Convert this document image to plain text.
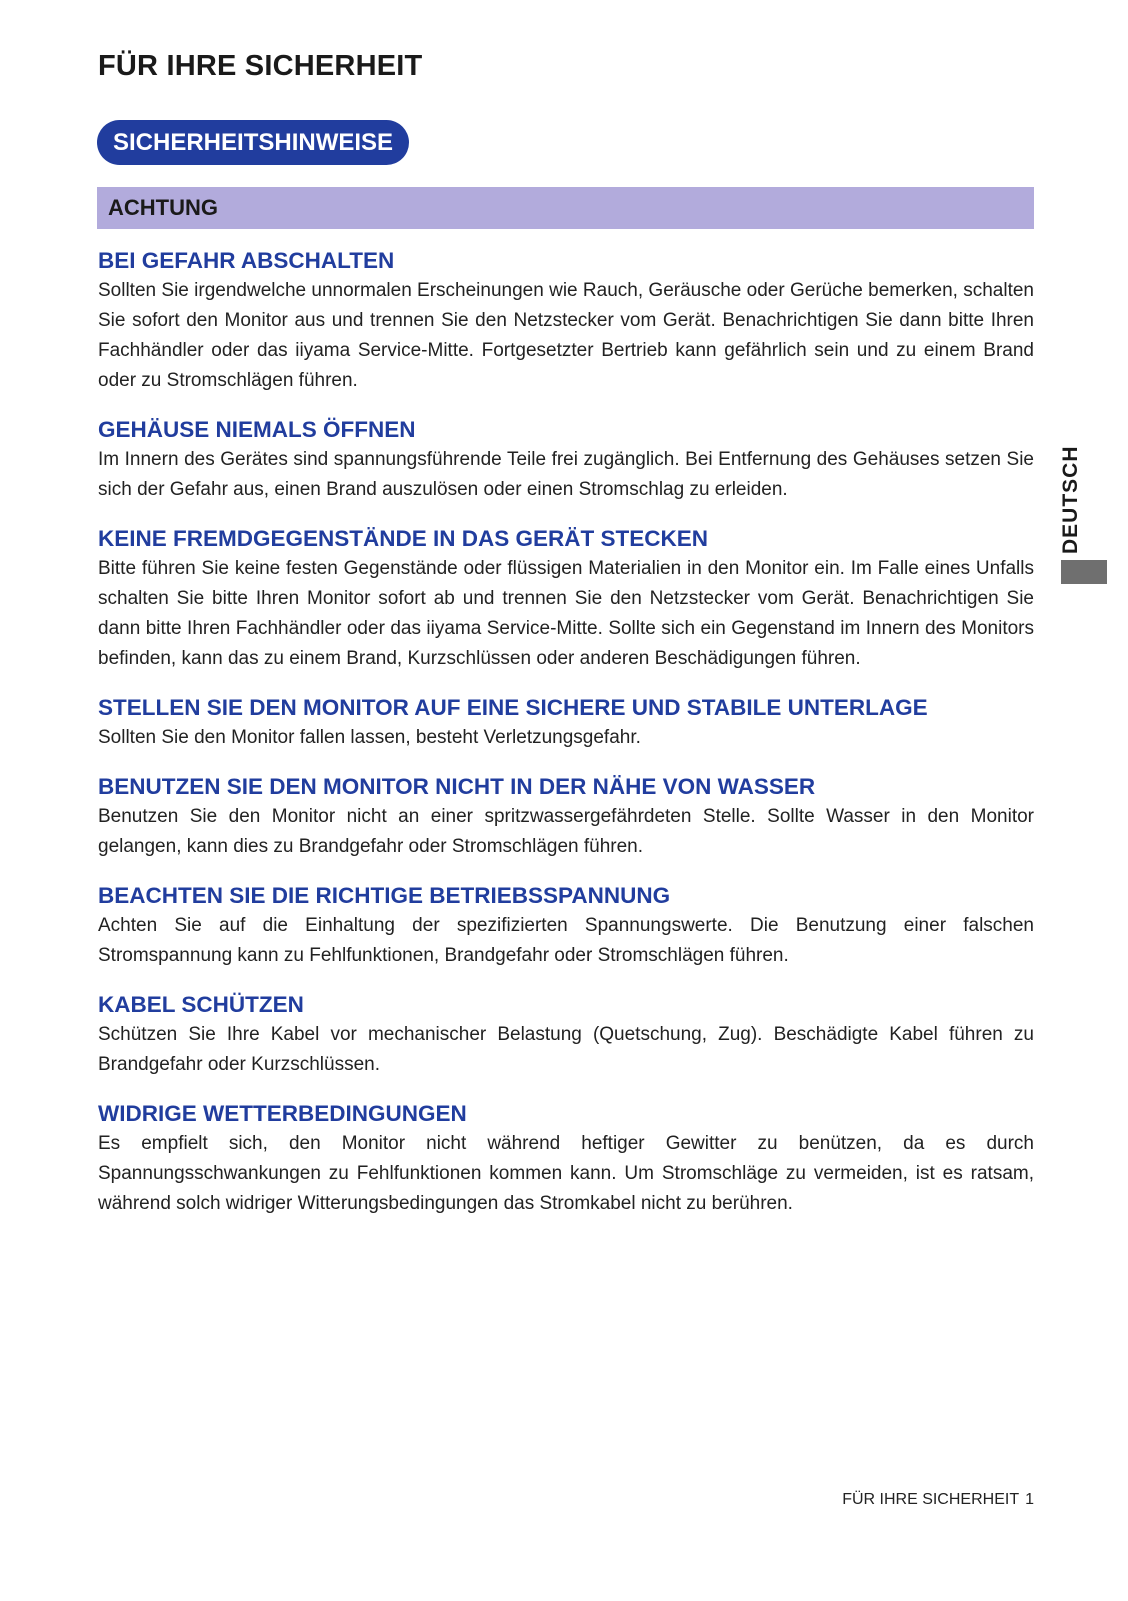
FÜR IHRE SICHERHEIT
SICHERHEITSHINWEISE
ACHTUNG
BEI GEFAHR ABSCHALTEN

Sollten Sie irgendwelche unnormalen Erscheinungen wie Rauch, Geräusche oder Gerüche bemerken, schalten Sie sofort den Monitor aus und trennen Sie den Netzstecker vom Gerät. Benachrichtigen Sie dann bitte Ihren Fachhändler oder das iiyama Service-Mitte. Fortgesetzter Bertrieb kann gefährlich sein und zu einem Brand oder zu Stromschlägen führen.

GEHÄUSE NIEMALS ÖFFNEN

Im Innern des Gerätes sind spannungsführende Teile frei zugänglich. Bei Entfernung des Gehäuses setzen Sie sich der Gefahr aus, einen Brand auszulösen oder einen Stromschlag zu erleiden.

KEINE FREMDGEGENSTÄNDE IN DAS GERÄT STECKEN

Bitte führen Sie keine festen Gegenstände oder flüssigen Materialien in den Monitor ein. Im Falle eines Unfalls schalten Sie bitte Ihren Monitor sofort ab und trennen Sie den Netzstecker vom Gerät. Benachrichtigen Sie dann bitte Ihren Fachhändler oder das iiyama Service-Mitte. Sollte sich ein Gegenstand im Innern des Monitors befinden, kann das zu einem Brand, Kurzschlüssen oder anderen Beschädigungen führen.

STELLEN SIE DEN MONITOR AUF EINE SICHERE UND STABILE UNTERLAGE

Sollten Sie den Monitor fallen lassen, besteht Verletzungsgefahr.

BENUTZEN SIE DEN MONITOR NICHT IN DER NÄHE VON WASSER

Benutzen Sie den Monitor nicht an einer spritzwassergefährdeten Stelle. Sollte Wasser in den Monitor gelangen, kann dies zu Brandgefahr oder Stromschlägen führen.

BEACHTEN SIE DIE RICHTIGE BETRIEBSSPANNUNG

Achten Sie auf die Einhaltung der spezifizierten Spannungswerte. Die Benutzung einer falschen Stromspannung kann zu Fehlfunktionen, Brandgefahr oder Stromschlägen führen.

KABEL SCHÜTZEN

Schützen Sie Ihre Kabel vor mechanischer Belastung (Quetschung, Zug). Beschädigte Kabel führen zu Brandgefahr oder Kurzschlüssen.

WIDRIGE WETTERBEDINGUNGEN

Es empfielt sich, den Monitor nicht während heftiger Gewitter zu benützen, da es durch Spannungsschwankungen zu Fehlfunktionen kommen kann. Um Stromschläge zu vermeiden, ist es ratsam, während solch widriger Witterungsbedingungen das Stromkabel nicht zu berühren.

DEUTSCH
FÜR IHRE SICHERHEIT 1
